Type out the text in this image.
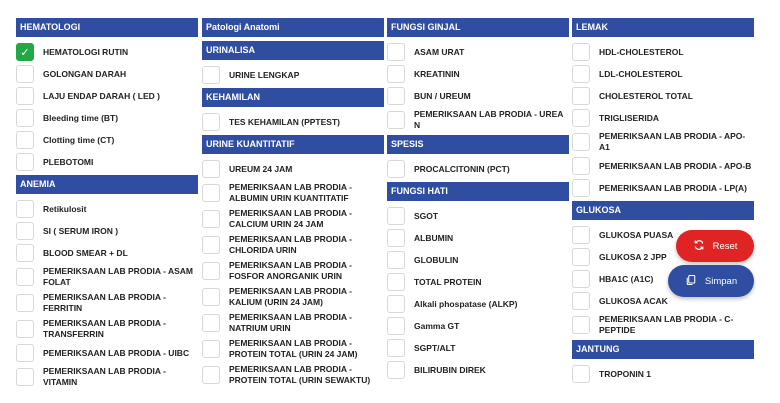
HEMATOLOGI
✓ HEMATOLOGI RUTIN
GOLONGAN DARAH
LAJU ENDAP DARAH ( LED )
Bleeding time (BT)
Clotting time (CT)
PLEBOTOMI
ANEMIA
Retikulosit
SI ( SERUM IRON )
BLOOD SMEAR + DL
PEMERIKSAAN LAB PRODIA - ASAM FOLAT
PEMERIKSAAN LAB PRODIA - FERRITIN
PEMERIKSAAN LAB PRODIA - TRANSFERRIN
PEMERIKSAAN LAB PRODIA - UIBC
PEMERIKSAAN LAB PRODIA - VITAMIN
Patologi Anatomi
URINALISA
URINE LENGKAP
KEHAMILAN
TES KEHAMILAN (PPTEST)
URINE KUANTITATIF
UREUM 24 JAM
PEMERIKSAAN LAB PRODIA - ALBUMIN URIN KUANTITATIF
PEMERIKSAAN LAB PRODIA - CALCIUM URIN 24 JAM
PEMERIKSAAN LAB PRODIA - CHLORIDA URIN
PEMERIKSAAN LAB PRODIA - FOSFOR ANORGANIK URIN
PEMERIKSAAN LAB PRODIA - KALIUM (URIN 24 JAM)
PEMERIKSAAN LAB PRODIA - NATRIUM URIN
PEMERIKSAAN LAB PRODIA - PROTEIN TOTAL (URIN 24 JAM)
PEMERIKSAAN LAB PRODIA - PROTEIN TOTAL (URIN SEWAKTU)
FUNGSI GINJAL
ASAM URAT
KREATININ
BUN / UREUM
PEMERIKSAAN LAB PRODIA - UREA N
SPESIS
PROCALCITONIN (PCT)
FUNGSI HATI
SGOT
ALBUMIN
GLOBULIN
TOTAL PROTEIN
Alkali phospatase (ALKP)
Gamma GT
SGPT/ALT
BILIRUBIN DIREK
LEMAK
HDL-CHOLESTEROL
LDL-CHOLESTEROL
CHOLESTEROL TOTAL
TRIGLISERIDA
PEMERIKSAAN LAB PRODIA - APO-A1
PEMERIKSAAN LAB PRODIA - APO-B
PEMERIKSAAN LAB PRODIA - LP(A)
GLUKOSA
GLUKOSA PUASA
GLUKOSA 2 JPP
HBA1C (A1C)
GLUKOSA ACAK
PEMERIKSAAN LAB PRODIA - C-PEPTIDE
JANTUNG
TROPONIN 1
Reset
Simpan
